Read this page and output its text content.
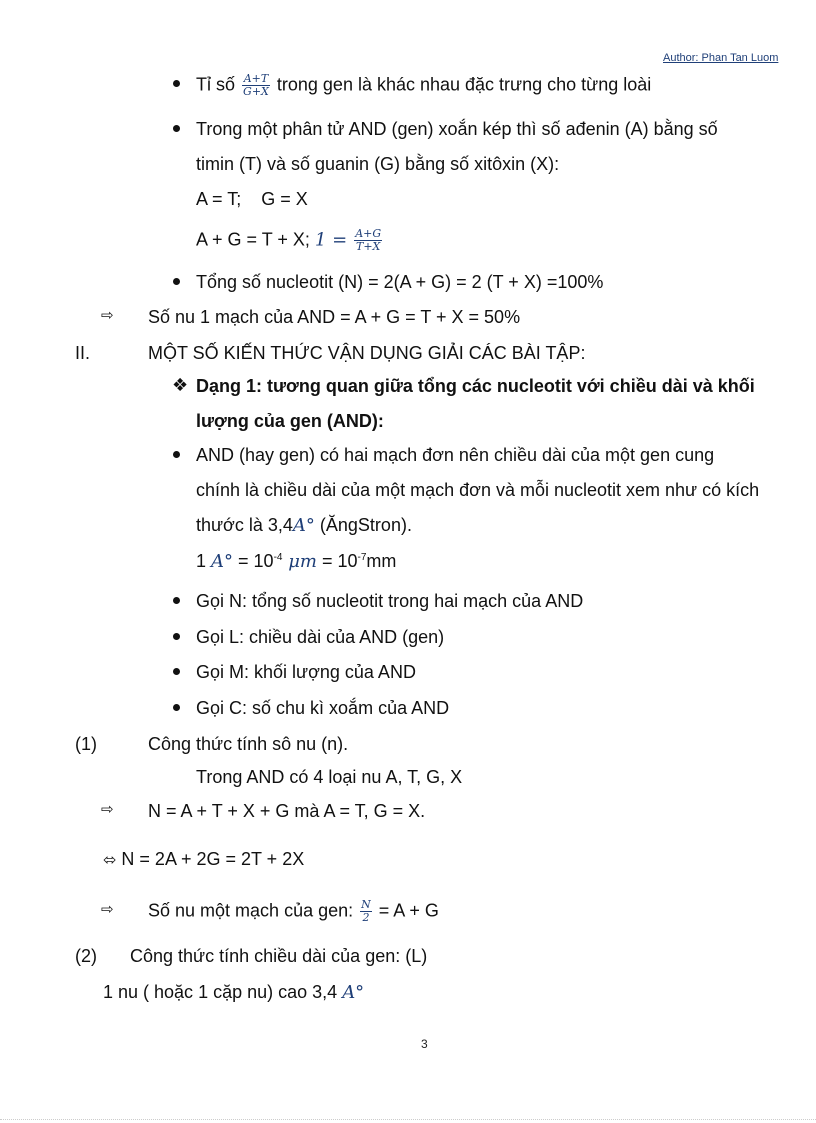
Author: Phan Tan Luom
Tỉ số $\frac{A+T}{G+X}$ trong gen là khác nhau đặc trưng cho từng loài
Trong một phân tử AND (gen) xoắn kép thì số ađenin (A) bằng số
timin (T) và số guanin (G) bằng số xitôxin (X):
A = T;    G = X
A + G = T + X; $1 = \frac{A+G}{T+X}$
Tổng số nucleotit (N) = 2(A + G) = 2 (T + X) =100%
⇨ Số nu 1 mạch của AND = A + G = T + X = 50%
II.	MỘT SỐ KIẾN THỨC VẬN DỤNG GIẢI CÁC BÀI TẬP:
❖ Dạng 1: tương quan giữa tổng các nucleotit với chiều dài và khối
lượng của gen (AND):
AND (hay gen) có hai mạch đơn nên chiều dài của một gen cung
chính là chiều dài của một mạch đơn và mỗi nucleotit xem như có kích
thước là 3,4A° (ĂngStron).
1 $A^\circ = 10^{-4}$ $\mu m = 10^{-7}mm$
Gọi N: tổng số nucleotit trong hai mạch của AND
Gọi L: chiều dài của AND (gen)
Gọi M: khối lượng của AND
Gọi C: số chu kì xoắm của AND
(1)	Công thức tính sô nu (n).
Trong AND có 4 loại nu A, T, G, X
⇨ N = A + T + X + G mà A = T, G = X.
⬄ N = 2A + 2G = 2T + 2X
⇨ Số nu một mạch của gen: $\frac{N}{2} = A + G$
(2) Công thức tính chiều dài của gen: (L)
1 nu ( hoặc 1 cặp nu) cao 3,4 A°
3
